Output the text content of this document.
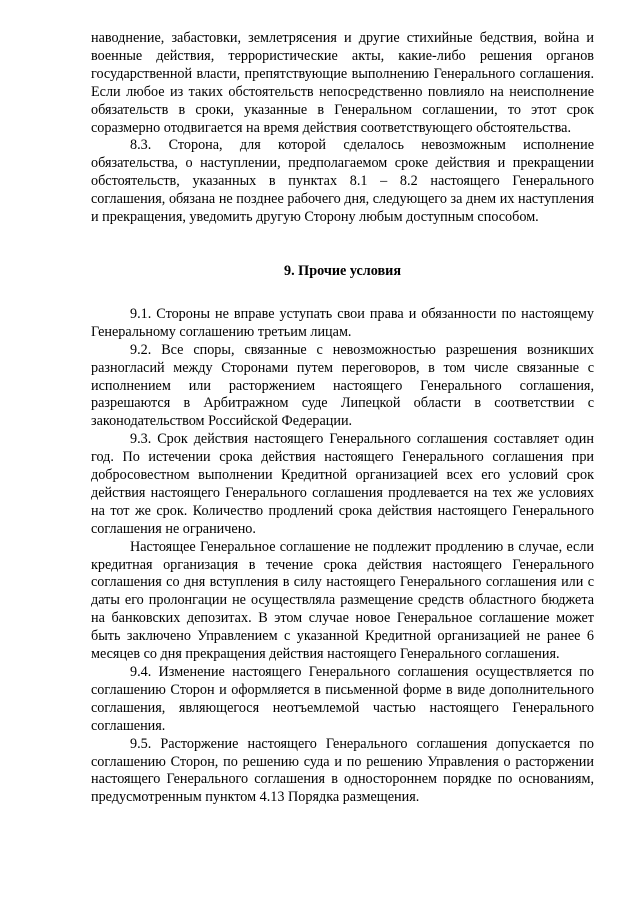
наводнение, забастовки, землетрясения и другие стихийные бедствия, война и военные действия, террористические акты, какие-либо решения органов государственной власти, препятствующие выполнению Генерального соглашения. Если любое из таких обстоятельств непосредственно повлияло на неисполнение обязательств в сроки, указанные в Генеральном соглашении, то этот срок соразмерно отодвигается на время действия соответствующего обстоятельства.

8.3. Сторона, для которой сделалось невозможным исполнение обязательства, о наступлении, предполагаемом сроке действия и прекращении обстоятельств, указанных в пунктах 8.1 – 8.2 настоящего Генерального соглашения, обязана не позднее рабочего дня, следующего за днем их наступления и прекращения, уведомить другую Сторону любым доступным способом.

9. Прочие условия

9.1. Стороны не вправе уступать свои права и обязанности по настоящему Генеральному соглашению третьим лицам.

9.2. Все споры, связанные с невозможностью разрешения возникших разногласий между Сторонами путем переговоров, в том числе связанные с исполнением или расторжением настоящего Генерального соглашения, разрешаются в Арбитражном суде Липецкой области в соответствии с законодательством Российской Федерации.

9.3. Срок действия настоящего Генерального соглашения составляет один год. По истечении срока действия настоящего Генерального соглашения при добросовестном выполнении Кредитной организацией всех его условий срок действия настоящего Генерального соглашения продлевается на тех же условиях на тот же срок. Количество продлений срока действия настоящего Генерального соглашения не ограничено.

Настоящее Генеральное соглашение не подлежит продлению в случае, если кредитная организация в течение срока действия настоящего Генерального соглашения со дня вступления в силу настоящего Генерального соглашения или с даты его пролонгации не осуществляла размещение средств областного бюджета на банковских депозитах. В этом случае новое Генеральное соглашение может быть заключено Управлением с указанной Кредитной организацией не ранее 6 месяцев со дня прекращения действия настоящего Генерального соглашения.

9.4. Изменение настоящего Генерального соглашения осуществляется по соглашению Сторон и оформляется в письменной форме в виде дополнительного соглашения, являющегося неотъемлемой частью настоящего Генерального соглашения.

9.5. Расторжение настоящего Генерального соглашения допускается по соглашению Сторон, по решению суда и по решению Управления о расторжении настоящего Генерального соглашения в одностороннем порядке по основаниям, предусмотренным пунктом 4.13 Порядка размещения.
